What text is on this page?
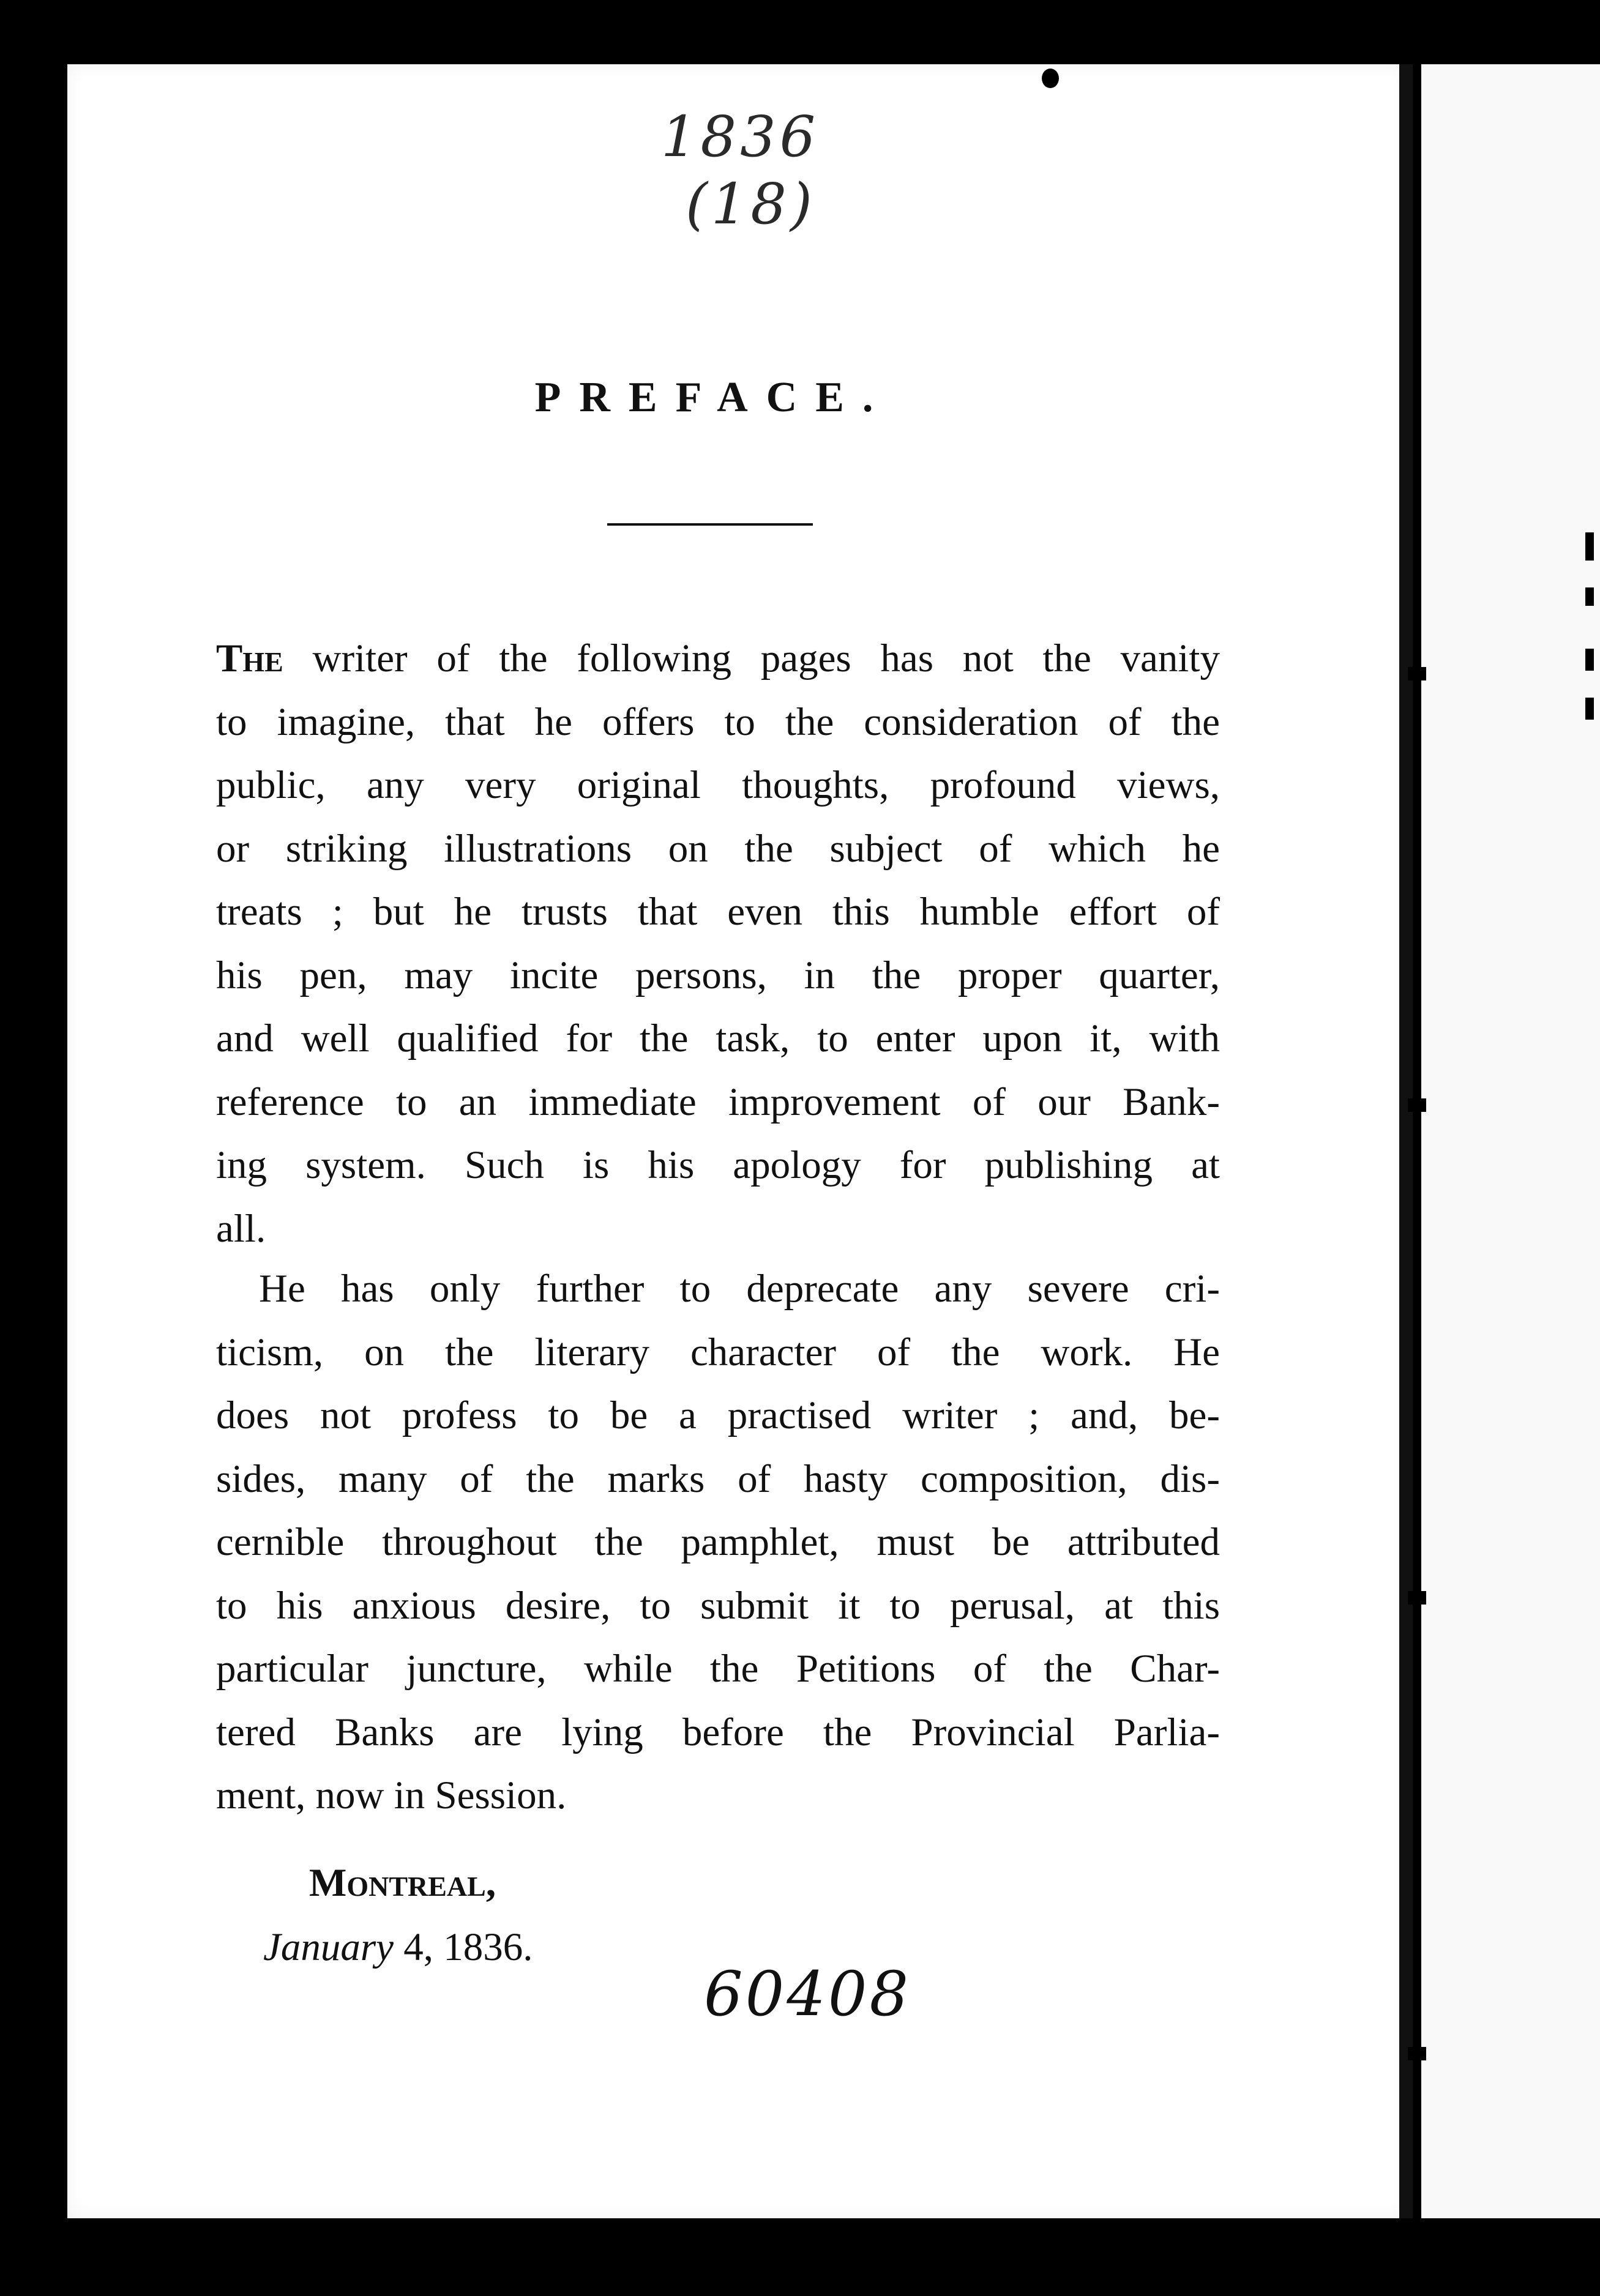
1836
(18)
PREFACE.
The writer of the following pages has not the vanity
to imagine, that he offers to the consideration of the
public, any very original thoughts, profound views,
or striking illustrations on the subject of which he
treats ; but he trusts that even this humble effort of
his pen, may incite persons, in the proper quarter,
and well qualified for the task, to enter upon it, with
reference to an immediate improvement of our Bank-
ing system. Such is his apology for publishing at
all.
He has only further to deprecate any severe cri-
ticism, on the literary character of the work. He
does not profess to be a practised writer ; and, be-
sides, many of the marks of hasty composition, dis-
cernible throughout the pamphlet, must be attributed
to his anxious desire, to submit it to perusal, at this
particular juncture, while the Petitions of the Char-
tered Banks are lying before the Provincial Parlia-
ment, now in Session.
Montreal,
January 4, 1836.
60408
